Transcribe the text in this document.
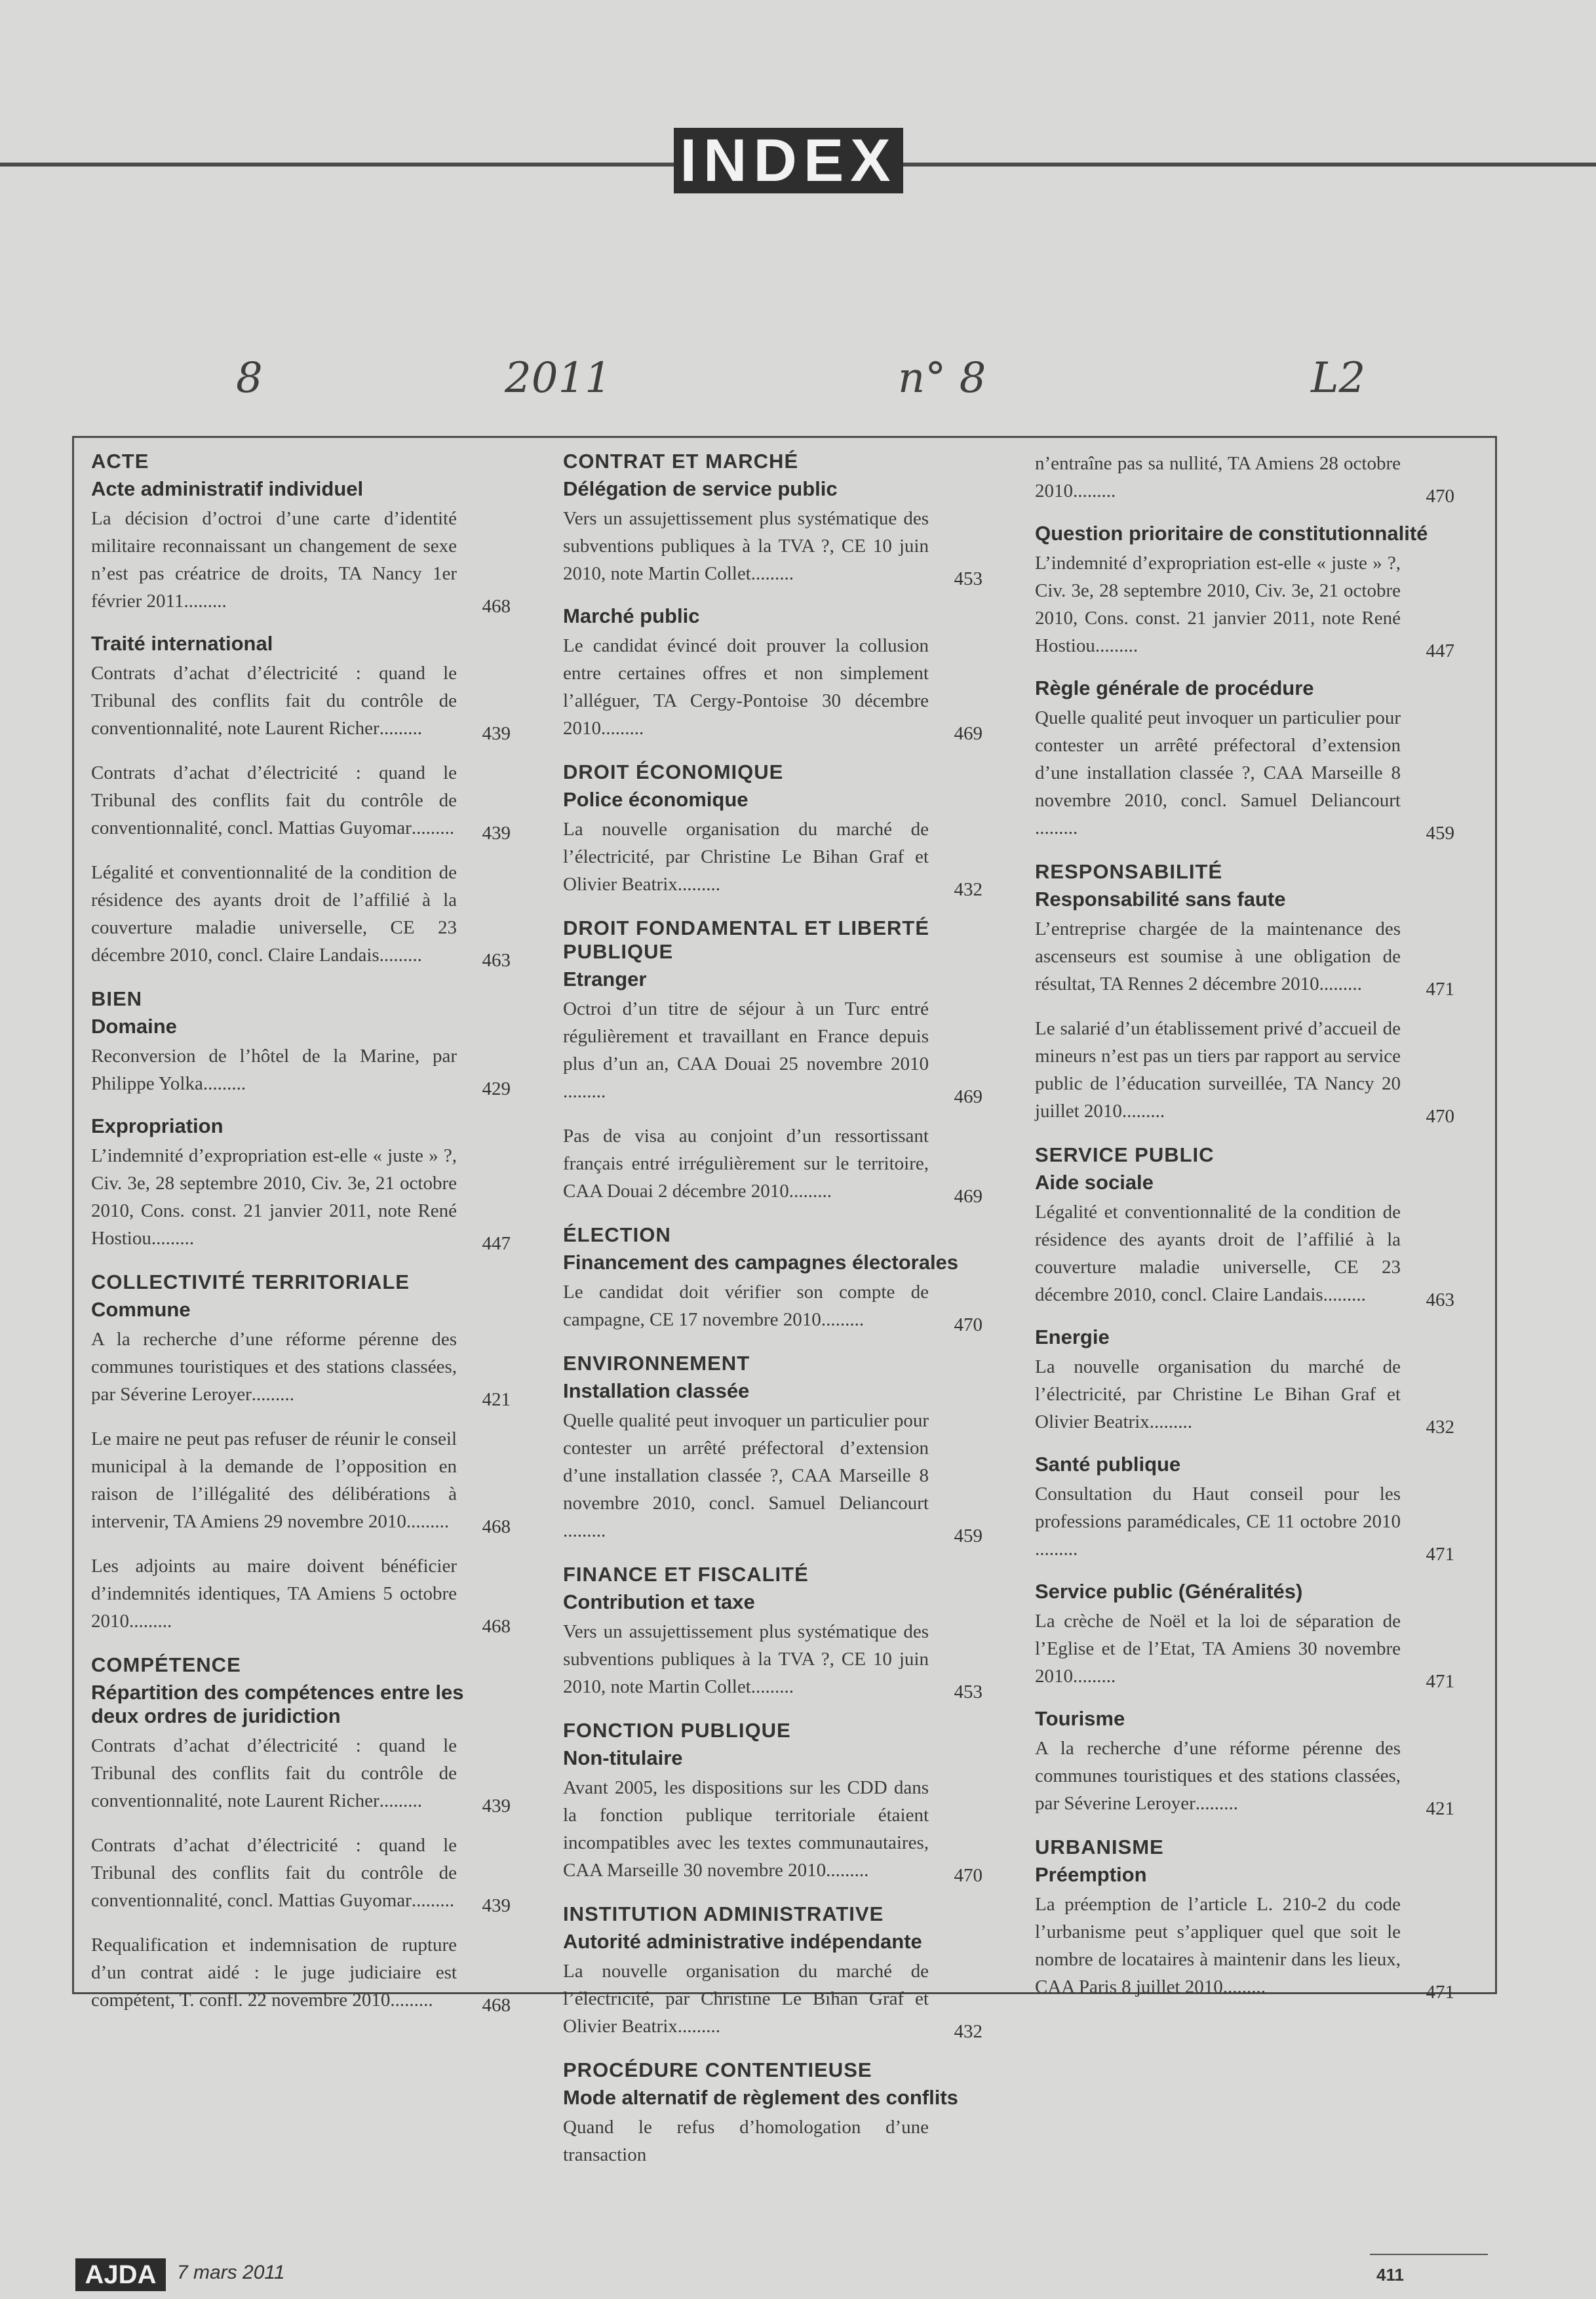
INDEX
8	2011	n° 8	L2
ACTE
Acte administratif individuel
La décision d’octroi d’une carte d’identité militaire reconnaissant un changement de sexe n’est pas créatrice de droits, TA Nancy 1er février 2011.........	468
Traité international
Contrats d’achat d’électricité : quand le Tribunal des conflits fait du contrôle de conventionnalité, note Laurent Richer.........	439
Contrats d’achat d’électricité : quand le Tribunal des conflits fait du contrôle de conventionnalité, concl. Mattias Guyomar......... 439
Légalité et conventionnalité de la condition de résidence des ayants droit de l’affilié à la couverture maladie universelle, CE 23 décembre 2010, concl. Claire Landais.........	463
BIEN
Domaine
Reconversion de l’hôtel de la Marine, par Philippe Yolka.........	429
Expropriation
L’indemnité d’expropriation est-elle « juste » ?, Civ. 3e, 28 septembre 2010, Civ. 3e, 21 octobre 2010, Cons. const. 21 janvier 2011, note René Hostiou.........	447
COLLECTIVITÉ TERRITORIALE
Commune
A la recherche d’une réforme pérenne des communes touristiques et des stations classées, par Séverine Leroyer.........	421
Le maire ne peut pas refuser de réunir le conseil municipal à la demande de l’opposition en raison de l’illégalité des délibérations à intervenir, TA Amiens 29 novembre 2010......... 468
Les adjoints au maire doivent bénéficier d’indemnités identiques, TA Amiens 5 octobre 2010.........	468
COMPÉTENCE
Répartition des compétences entre les deux ordres de juridiction
Contrats d’achat d’électricité : quand le Tribunal des conflits fait du contrôle de conventionnalité, note Laurent Richer.........	439
Contrats d’achat d’électricité : quand le Tribunal des conflits fait du contrôle de conventionnalité, concl. Mattias Guyomar......... 439
Requalification et indemnisation de rupture d’un contrat aidé : le juge judiciaire est compétent, T. confl. 22 novembre 2010.........	468
CONTRAT ET MARCHÉ
Délégation de service public
Vers un assujettissement plus systématique des subventions publiques à la TVA ?, CE 10 juin 2010, note Martin Collet.........	453
Marché public
Le candidat évincé doit prouver la collusion entre certaines offres et non simplement l’alléguer, TA Cergy-Pontoise 30 décembre 2010.........	469
DROIT ÉCONOMIQUE
Police économique
La nouvelle organisation du marché de l’électricité, par Christine Le Bihan Graf et Olivier Beatrix.........	432
DROIT FONDAMENTAL ET LIBERTÉ PUBLIQUE
Etranger
Octroi d’un titre de séjour à un Turc entré régulièrement et travaillant en France depuis plus d’un an, CAA Douai 25 novembre 2010.........	469
Pas de visa au conjoint d’un ressortissant français entré irrégulièrement sur le territoire, CAA Douai 2 décembre 2010.........	469
ÉLECTION
Financement des campagnes électorales
Le candidat doit vérifier son compte de campagne, CE 17 novembre 2010.........	470
ENVIRONNEMENT
Installation classée
Quelle qualité peut invoquer un particulier pour contester un arrêté préfectoral d’extension d’une installation classée ?, CAA Marseille 8 novembre 2010, concl. Samuel Deliancourt.........	459
FINANCE ET FISCALITÉ
Contribution et taxe
Vers un assujettissement plus systématique des subventions publiques à la TVA ?, CE 10 juin 2010, note Martin Collet.........	453
FONCTION PUBLIQUE
Non-titulaire
Avant 2005, les dispositions sur les CDD dans la fonction publique territoriale étaient incompatibles avec les textes communautaires, CAA Marseille 30 novembre 2010.........	470
INSTITUTION ADMINISTRATIVE
Autorité administrative indépendante
La nouvelle organisation du marché de l’électricité, par Christine Le Bihan Graf et Olivier Beatrix.........	432
PROCÉDURE CONTENTIEUSE
Mode alternatif de règlement des conflits
Quand le refus d’homologation d’une transaction
n’entraîne pas sa nullité, TA Amiens 28 octobre 2010.........	470
Question prioritaire de constitutionnalité
L’indemnité d’expropriation est-elle « juste » ?, Civ. 3e, 28 septembre 2010, Civ. 3e, 21 octobre 2010, Cons. const. 21 janvier 2011, note René Hostiou.........	447
Règle générale de procédure
Quelle qualité peut invoquer un particulier pour contester un arrêté préfectoral d’extension d’une installation classée ?, CAA Marseille 8 novembre 2010, concl. Samuel Deliancourt.........	459
RESPONSABILITÉ
Responsabilité sans faute
L’entreprise chargée de la maintenance des ascenseurs est soumise à une obligation de résultat, TA Rennes 2 décembre 2010.........	471
Le salarié d’un établissement privé d’accueil de mineurs n’est pas un tiers par rapport au service public de l’éducation surveillée, TA Nancy 20 juillet 2010.........	470
SERVICE PUBLIC
Aide sociale
Légalité et conventionnalité de la condition de résidence des ayants droit de l’affilié à la couverture maladie universelle, CE 23 décembre 2010, concl. Claire Landais.........	463
Energie
La nouvelle organisation du marché de l’électricité, par Christine Le Bihan Graf et Olivier Beatrix.........	432
Santé publique
Consultation du Haut conseil pour les professions paramédicales, CE 11 octobre 2010.........	471
Service public (Généralités)
La crèche de Noël et la loi de séparation de l’Eglise et de l’Etat, TA Amiens 30 novembre 2010.........	471
Tourisme
A la recherche d’une réforme pérenne des communes touristiques et des stations classées, par Séverine Leroyer.........	421
URBANISME
Préemption
La préemption de l’article L. 210-2 du code l’urbanisme peut s’appliquer quel que soit le nombre de locataires à maintenir dans les lieux, CAA Paris 8 juillet 2010.........	471
AJDA	7 mars 2011	411
